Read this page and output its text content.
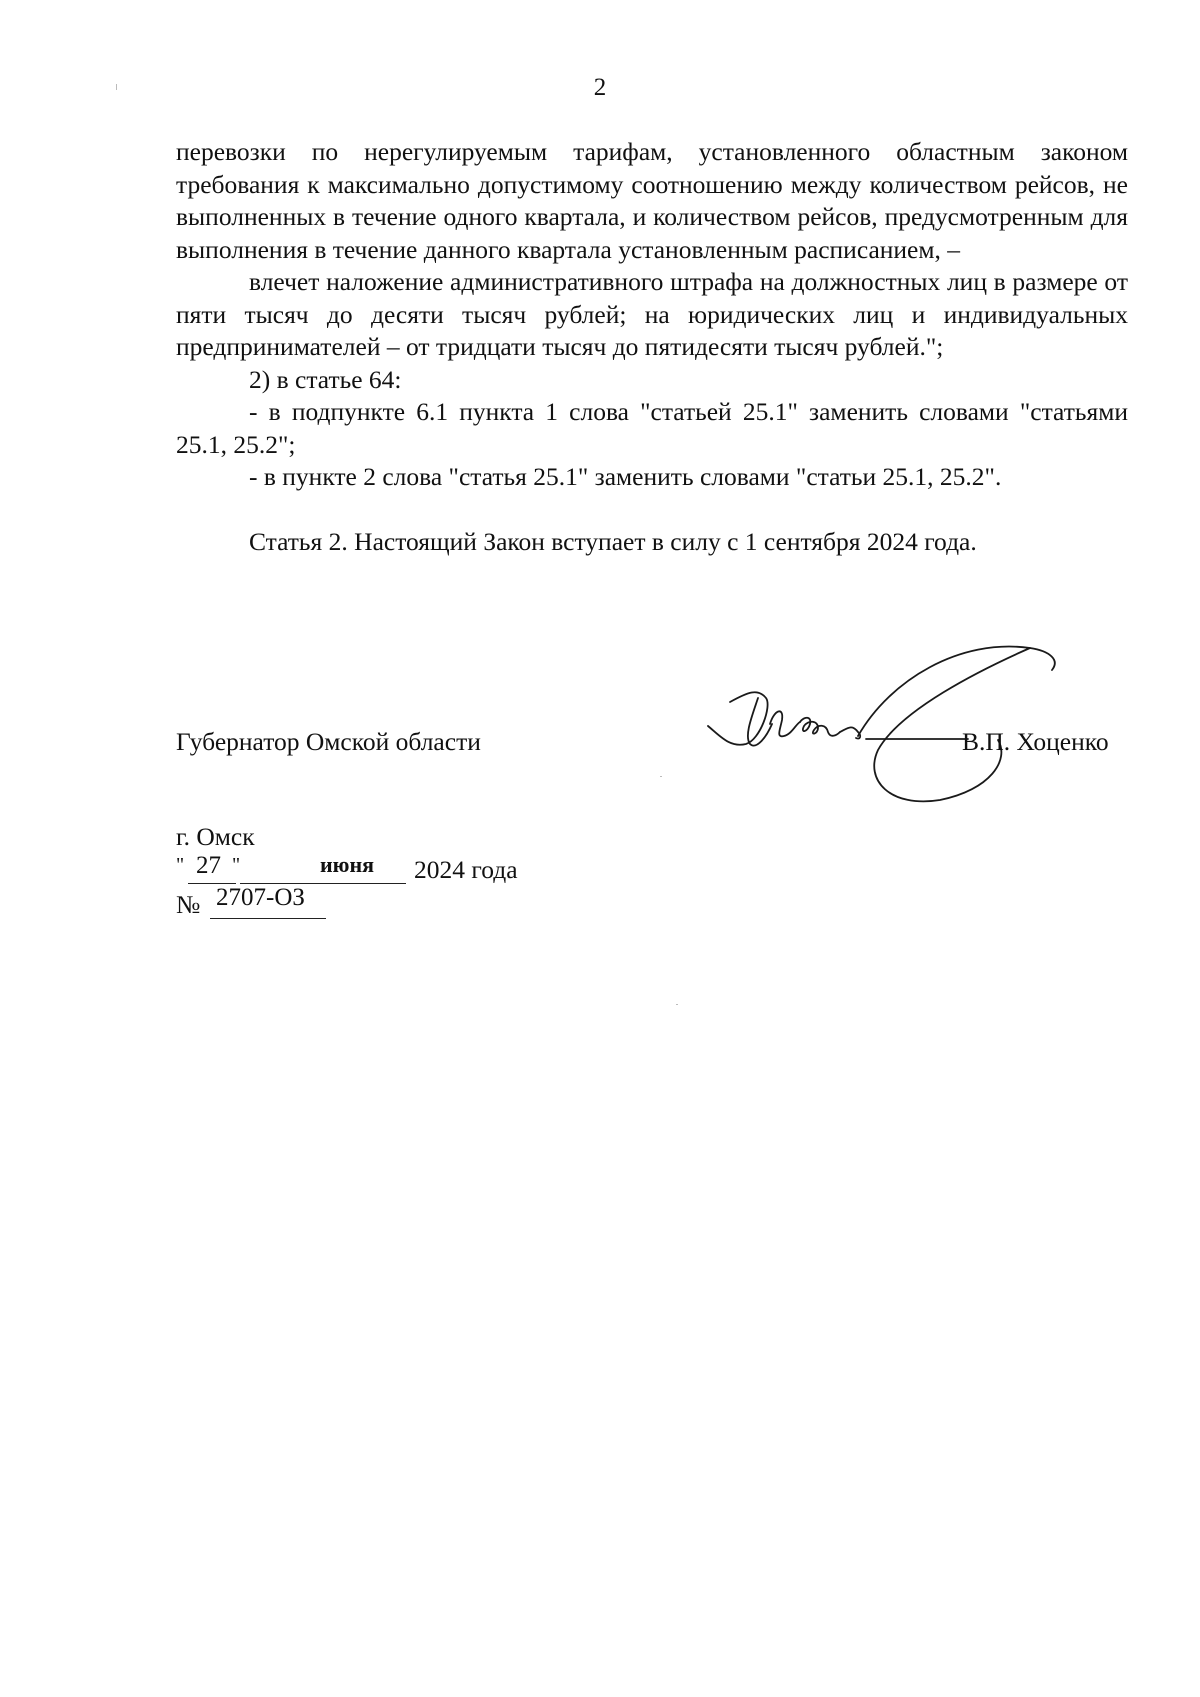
2

перевозки по нерегулируемым тарифам, установленного областным законом требования к максимально допустимому соотношению между количеством рейсов, не выполненных в течение одного квартала, и количеством рейсов, предусмотренным для выполнения в течение данного квартала установленным расписанием, –

влечет наложение административного штрафа на должностных лиц в размере от пяти тысяч до десяти тысяч рублей; на юридических лиц и индивидуальных предпринимателей – от тридцати тысяч до пятидесяти тысяч рублей.";

2) в статье 64:

- в подпункте 6.1 пункта 1 слова "статьей 25.1" заменить словами "статьями 25.1, 25.2";

- в пункте 2 слова "статья 25.1" заменить словами "статьи 25.1, 25.2".

Статья 2. Настоящий Закон вступает в силу с 1 сентября 2024 года.

Губернатор Омской области	В.П. Хоценко
г. Омск
" 27 "	июня 2024 года
№ 2707-ОЗ
